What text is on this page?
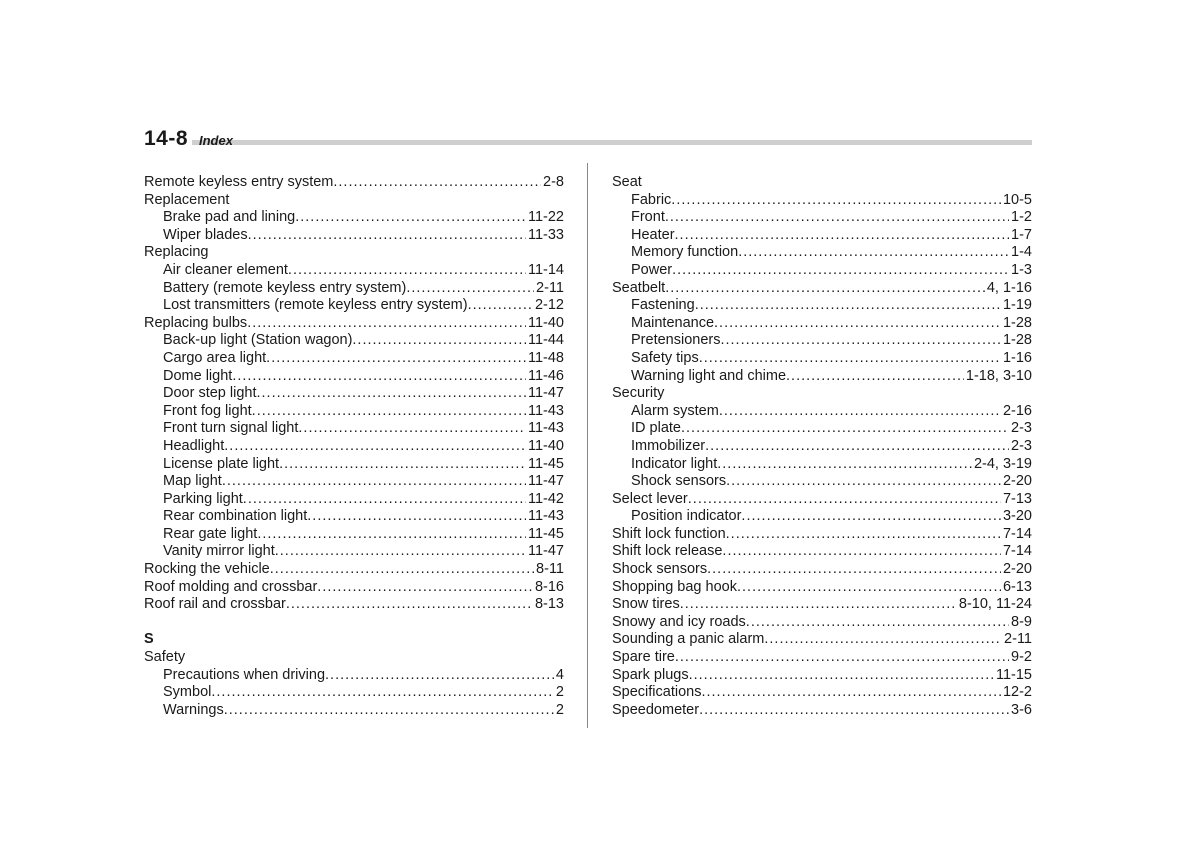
14-8 Index
Remote keyless entry system .....	2-8
Replacement
Brake pad and lining .....	11-22
Wiper blades .....	11-33
Replacing
Air cleaner element .....	11-14
Battery (remote keyless entry system) .....	2-11
Lost transmitters (remote keyless entry system) .....	2-12
Replacing bulbs .....	11-40
Back-up light (Station wagon) .....	11-44
Cargo area light .....	11-48
Dome light .....	11-46
Door step light .....	11-47
Front fog light .....	11-43
Front turn signal light .....	11-43
Headlight .....	11-40
License plate light .....	11-45
Map light .....	11-47
Parking light .....	11-42
Rear combination light .....	11-43
Rear gate light .....	11-45
Vanity mirror light .....	11-47
Rocking the vehicle .....	8-11
Roof molding and crossbar .....	8-16
Roof rail and crossbar .....	8-13
S
Safety
Precautions when driving .....	4
Symbol .....	2
Warnings .....	2
Seat
Fabric .....	10-5
Front .....	1-2
Heater .....	1-7
Memory function .....	1-4
Power .....	1-3
Seatbelt .....	4, 1-16
Fastening .....	1-19
Maintenance .....	1-28
Pretensioners .....	1-28
Safety tips .....	1-16
Warning light and chime .....	1-18, 3-10
Security
Alarm system .....	2-16
ID plate .....	2-3
Immobilizer .....	2-3
Indicator light .....	2-4, 3-19
Shock sensors .....	2-20
Select lever .....	7-13
Position indicator .....	3-20
Shift lock function .....	7-14
Shift lock release .....	7-14
Shock sensors .....	2-20
Shopping bag hook .....	6-13
Snow tires .....	8-10, 11-24
Snowy and icy roads .....	8-9
Sounding a panic alarm .....	2-11
Spare tire .....	9-2
Spark plugs .....	11-15
Specifications .....	12-2
Speedometer .....	3-6
